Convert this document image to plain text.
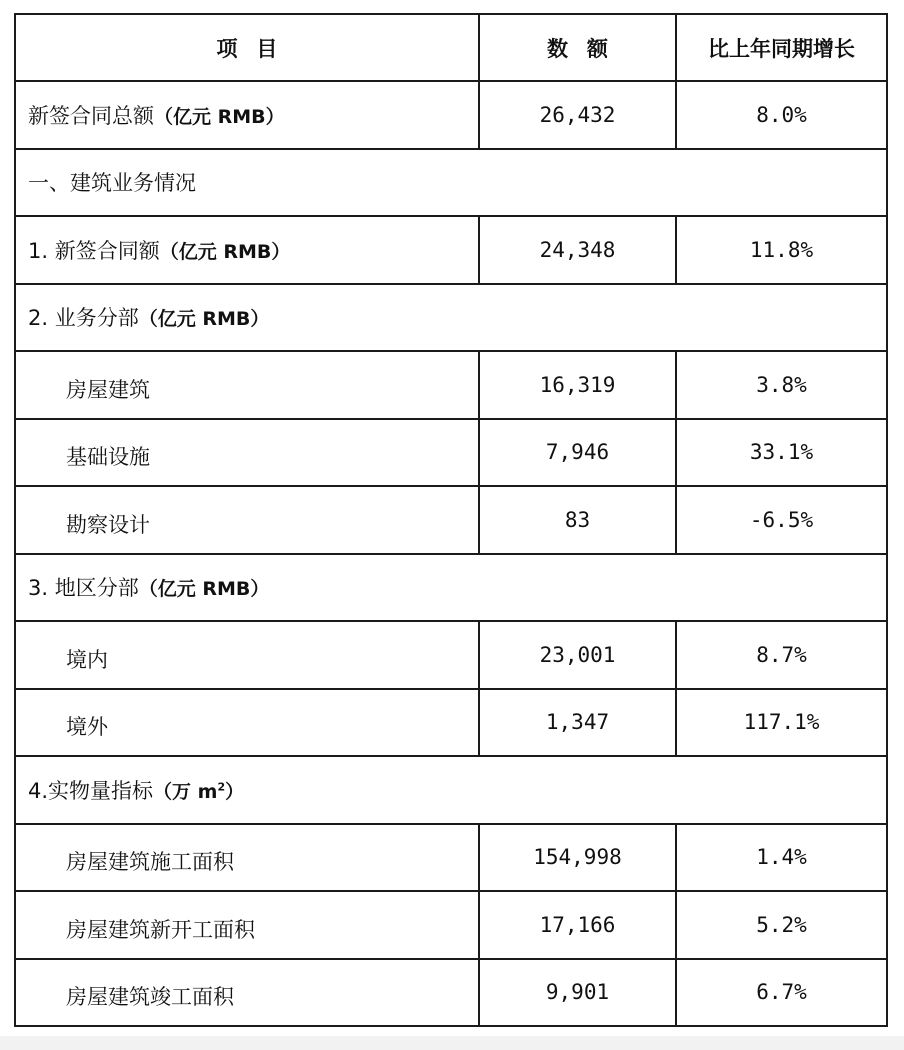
项目	数额	比上年同期增长
新签合同总额（亿元 RMB）	26,432	8.0%
一、建筑业务情况		
1. 新签合同额（亿元 RMB）	24,348	11.8%
2. 业务分部（亿元 RMB）		
房屋建筑	16,319	3.8%
基础设施	7,946	33.1%
勘察设计	83	-6.5%
3. 地区分部（亿元 RMB）		
境内	23,001	8.7%
境外	1,347	117.1%
4.实物量指标（万 $m^2$）		
房屋建筑施工面积	154,998	1.4%
房屋建筑新开工面积	17,166	5.2%
房屋建筑竣工面积	9,901	6.7%
